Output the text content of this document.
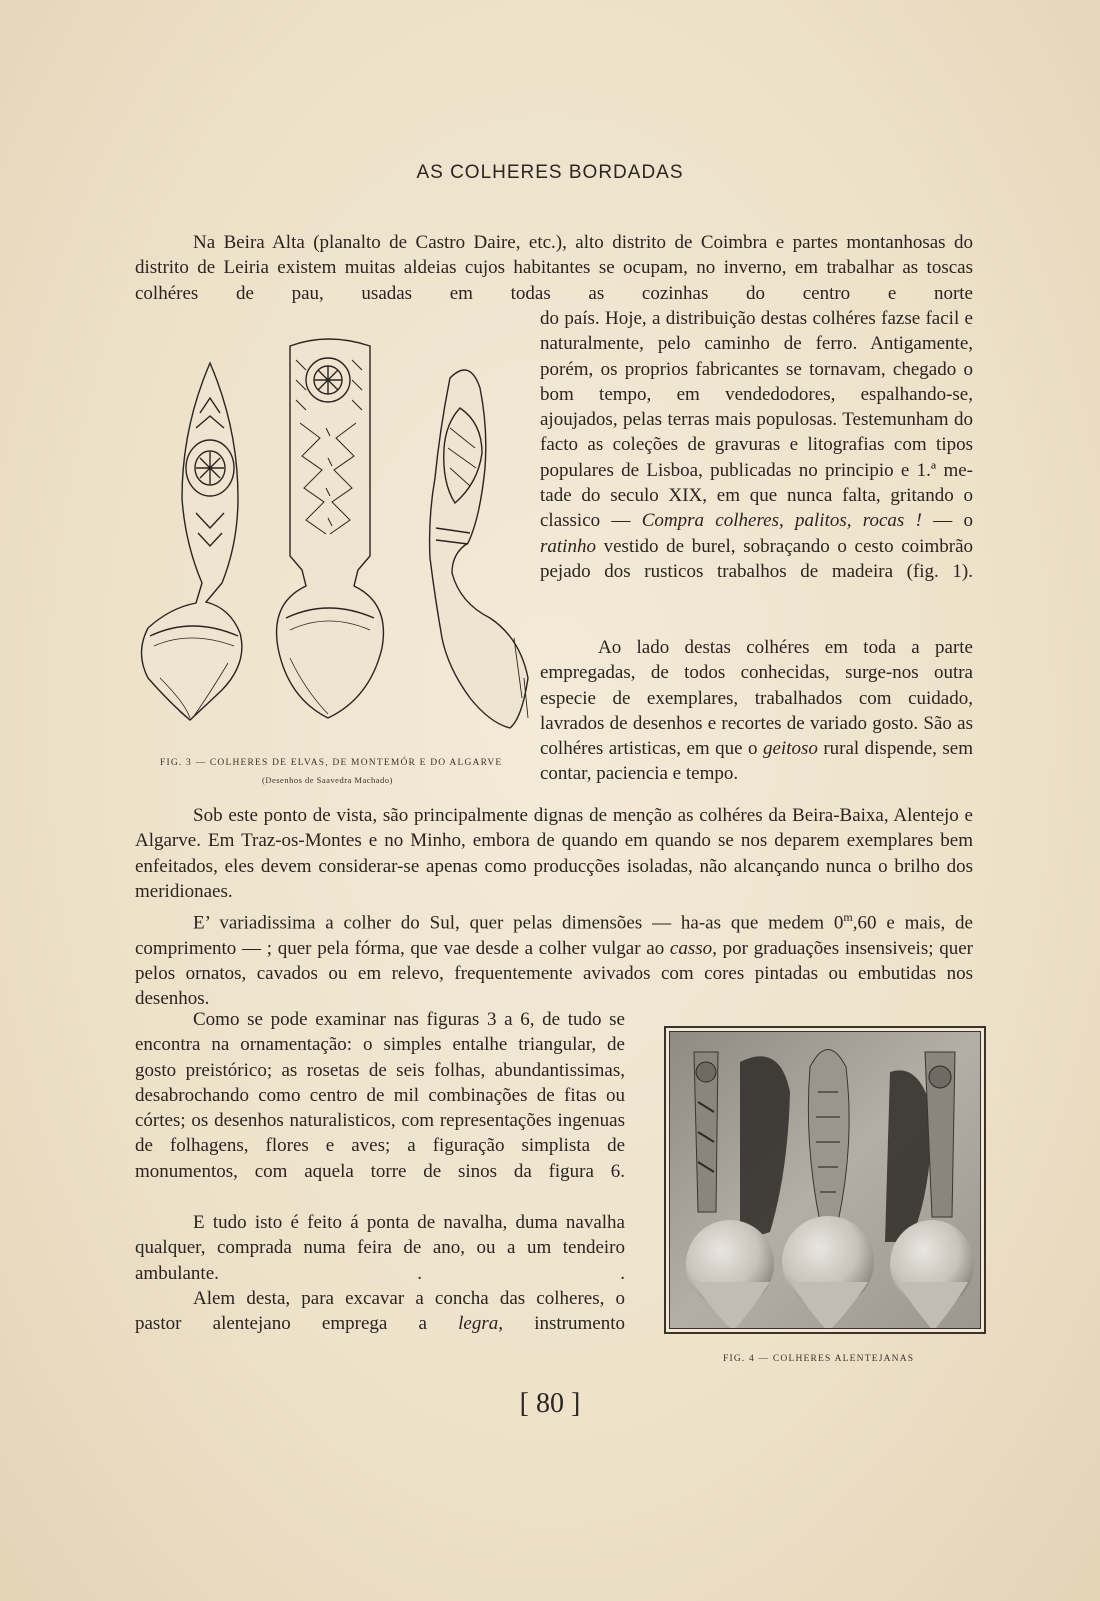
AS COLHERES BORDADAS
Na Beira Alta (planalto de Castro Daire, etc.), alto distrito de Coimbra e partes montanhosas do distrito de Leiria existem muitas aldeias cujos habitantes se ocupam, no inverno, em trabalhar as toscas colhéres de pau, usadas em todas as cozinhas do centro e norte
do país. Hoje, a distribuição destas colhéres fazse facil e naturalmente, pelo caminho de ferro. Antigamente, porém, os proprios fabricantes se tornavam, chegado o bom tempo, em vendedodores, espalhando-se, ajoujados, pelas terras mais populosas. Testemunham do facto as coleções de gravuras e litografias com tipos populares de Lisboa, publicadas no principio e 1.ª metade do seculo XIX, em que nunca falta, gritando o classico — Compra colheres, palitos, rocas ! — o ratinho vestido de burel, sobraçando o cesto coimbrão pejado dos rusticos trabalhos de madeira (fig. 1).
Ao lado destas colhéres em toda a parte empregadas, de todos conhecidas, surge-nos outra especie de exemplares, trabalhados com cuidado, lavrados de desenhos e recortes de variado gosto. São as colhéres artisticas, em que o geitoso rural dispende, sem contar, paciencia e tempo.
FIG. 3 — COLHERES DE ELVAS, DE MONTEMÓR E DO ALGARVE
(Desenhos de Saavedra Machado)
Sob este ponto de vista, são principalmente dignas de menção as colhéres da Beira-Baixa, Alentejo e Algarve. Em Traz-os-Montes e no Minho, embora de quando em quando se nos deparem exemplares bem enfeitados, eles devem considerar-se apenas como producções isoladas, não alcançando nunca o brilho dos meridionaes.
E’ variadissima a colher do Sul, quer pelas dimensões — ha-as que medem 0$^m$,60 e mais, de comprimento — ; quer pela fórma, que vae desde a colher vulgar ao casso, por graduações insensiveis; quer pelos ornatos, cavados ou em relevo, frequentemente avivados com cores pintadas ou embutidas nos desenhos.
Como se pode examinar nas figuras 3 a 6, de tudo se encontra na ornamentação: o simples entalhe triangular, de gosto preistórico; as rosetas de seis folhas, abundantissimas, desabrochando como centro de mil combinações de fitas ou córtes; os desenhos naturalisticos, com representações ingenuas de folhagens, flores e aves; a figuração simplista de monumentos, com aquela torre de sinos da figura 6.
E tudo isto é feito á ponta de navalha, duma navalha qualquer, comprada numa feira de ano, ou a um tendeiro ambulante. . .
Alem desta, para excavar a concha das colheres, o pastor alentejano emprega a legra, instrumento
FIG. 4 — COLHERES ALENTEJANAS
[ 80 ]
